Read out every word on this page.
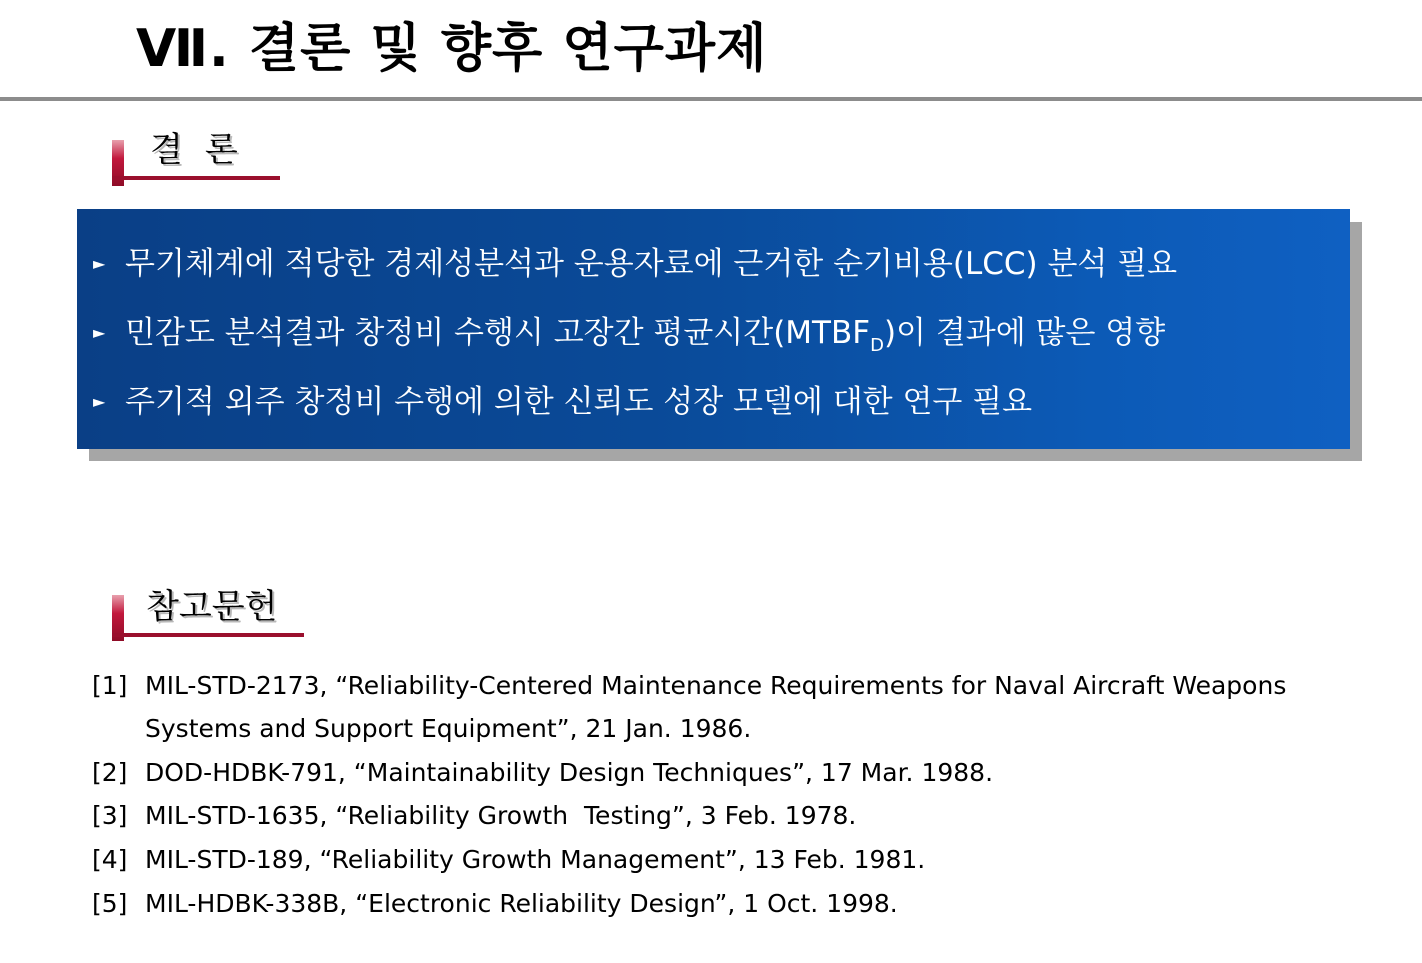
Ⅶ. 결론 및 향후 연구과제
결론
► 무기체계에 적당한 경제성분석과 운용자료에 근거한 순기비용(LCC) 분석 필요
► 민감도 분석결과 창정비 수행시 고장간 평균시간$(MTBF_D)$이 결과에 많은 영향
► 주기적 외주 창정비 수행에 의한 신뢰도 성장 모델에 대한 연구 필요
참고문헌
[1] MIL-STD-2173, “Reliability-Centered Maintenance Requirements for Naval Aircraft Weapons
Systems and Support Equipment”, 21 Jan. 1986.
[2] DOD-HDBK-791, “Maintainability Design Techniques”, 17 Mar. 1988.
[3] MIL-STD-1635, “Reliability Growth  Testing”, 3 Feb. 1978.
[4] MIL-STD-189, “Reliability Growth Management”, 13 Feb. 1981.
[5] MIL-HDBK-338B, “Electronic Reliability Design”, 1 Oct. 1998.
